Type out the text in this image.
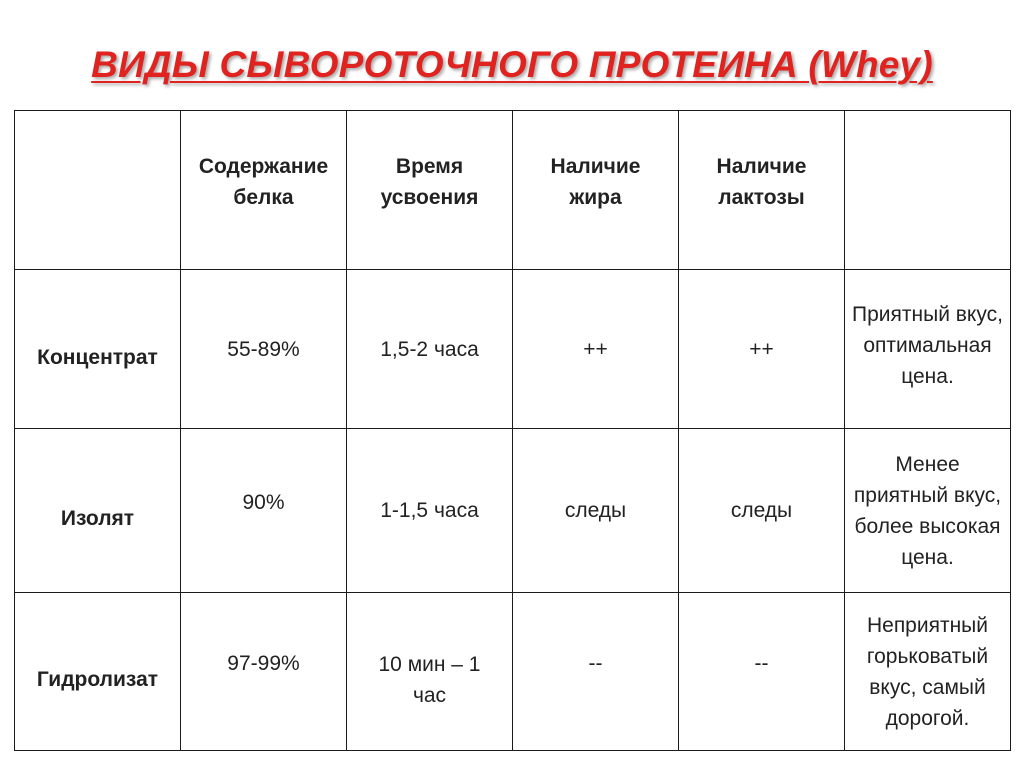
ВИДЫ СЫВОРОТОЧНОГО ПРОТЕИНА (Whey)
	Содержание белка	Время усвоения	Наличие жира	Наличие лактозы	
Концентрат	55-89%	1,5-2 часа	++	++	Приятный вкус, оптимальная цена.
Изолят	90%	1-1,5 часа	следы	следы	Менее приятный вкус, более высокая цена.
Гидролизат	97-99%	10 мин – 1 час	--	--	Неприятный горьковатый вкус, самый дорогой.
